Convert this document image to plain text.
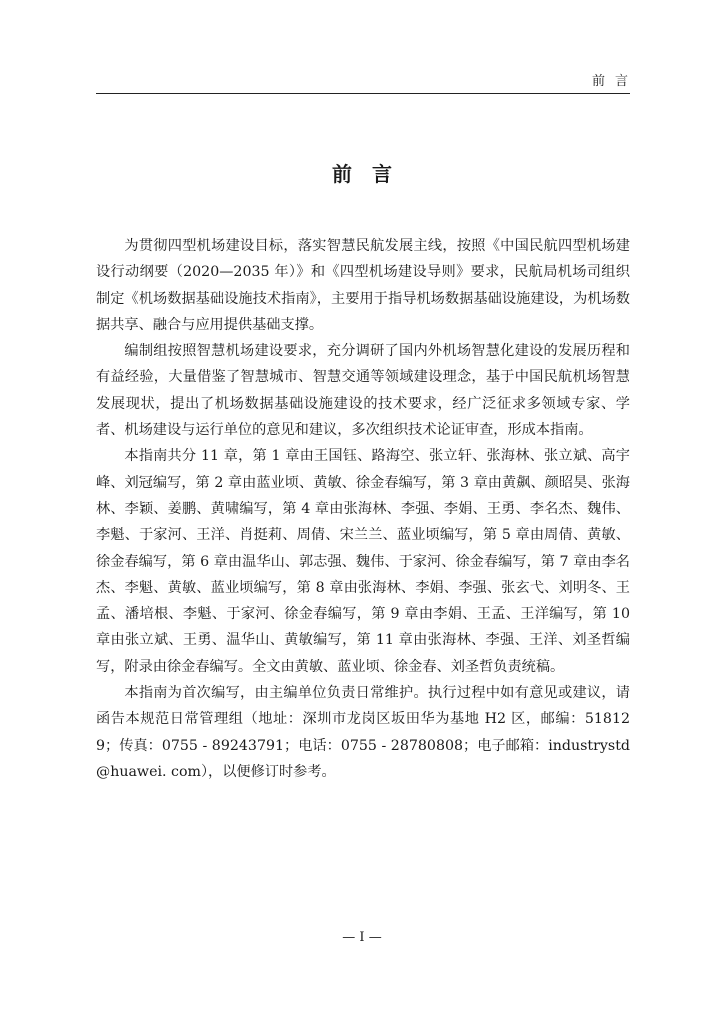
前言
前言

为贯彻四型机场建设目标，落实智慧民航发展主线，按照《中国民航四型机场建设行动纲要（2020—2035 年）》和《四型机场建设导则》要求，民航局机场司组织制定《机场数据基础设施技术指南》，主要用于指导机场数据基础设施建设，为机场数据共享、融合与应用提供基础支撑。

编制组按照智慧机场建设要求，充分调研了国内外机场智慧化建设的发展历程和有益经验，大量借鉴了智慧城市、智慧交通等领域建设理念，基于中国民航机场智慧发展现状，提出了机场数据基础设施建设的技术要求，经广泛征求多领域专家、学者、机场建设与运行单位的意见和建议，多次组织技术论证审查，形成本指南。

本指南共分 11 章，第 1 章由王国钰、路海空、张立轩、张海林、张立斌、高宇峰、刘冠编写，第 2 章由蓝业顷、黄敏、徐金春编写，第 3 章由黄飙、颜昭昊、张海林、李颖、姜鹏、黄啸编写，第 4 章由张海林、李强、李娟、王勇、李名杰、魏伟、李魁、于家河、王洋、肖挺莉、周倩、宋兰兰、蓝业顷编写，第 5 章由周倩、黄敏、徐金春编写，第 6 章由温华山、郭志强、魏伟、于家河、徐金春编写，第 7 章由李名杰、李魁、黄敏、蓝业顷编写，第 8 章由张海林、李娟、李强、张玄弋、刘明冬、王孟、潘培根、李魁、于家河、徐金春编写，第 9 章由李娟、王孟、王洋编写，第 10 章由张立斌、王勇、温华山、黄敏编写，第 11 章由张海林、李强、王洋、刘圣哲编写，附录由徐金春编写。全文由黄敏、蓝业顷、徐金春、刘圣哲负责统稿。

本指南为首次编写，由主编单位负责日常维护。执行过程中如有意见或建议，请函告本规范日常管理组（地址：深圳市龙岗区坂田华为基地 H2 区，邮编：518129；传真：0755 - 89243791；电话：0755 - 28780808；电子邮箱：industrystd@huawei. com），以便修订时参考。

— I —
